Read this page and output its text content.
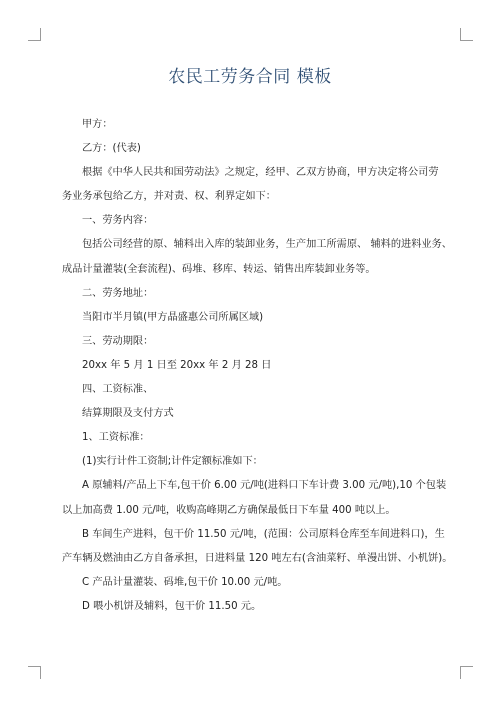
农民工劳务合同 模板

甲方：

乙方：(代表)

根据《中华人民共和国劳动法》之规定，经甲、乙双方协商，甲方决定将公司劳

务业务承包给乙方，并对责、权、利界定如下：

一、劳务内容：

包括公司经营的原、辅料出入库的装卸业务，生产加工所需原、 辅料的进料业务、

成品计量灌装(全套流程)、码堆、移库、转运、销售出库装卸业务等。

二、劳务地址：

当阳市半月镇(甲方晶盛惠公司所属区域)

三、劳动期限：

20xx 年 5 月 1 日至 20xx 年 2 月 28 日

四、工资标准、

结算期限及支付方式

1、工资标准：

(1)实行计件工资制;计件定额标准如下：

A 原辅料/产品上下车,包干价 6.00 元/吨(进料口下车计费 3.00 元/吨),10 个包装

以上加高费 1.00 元/吨，收购高峰期乙方确保最低日下车量 400 吨以上。

B 车间生产进料，包干价 11.50 元/吨，(范围：公司原料仓库至车间进料口)，生

产车辆及燃油由乙方自备承担，日进料量 120 吨左右(含油菜籽、单漫出饼、小机饼)。

C 产品计量灌装、码堆,包干价 10.00 元/吨。

D 喂小机饼及辅料，包干价 11.50 元。
